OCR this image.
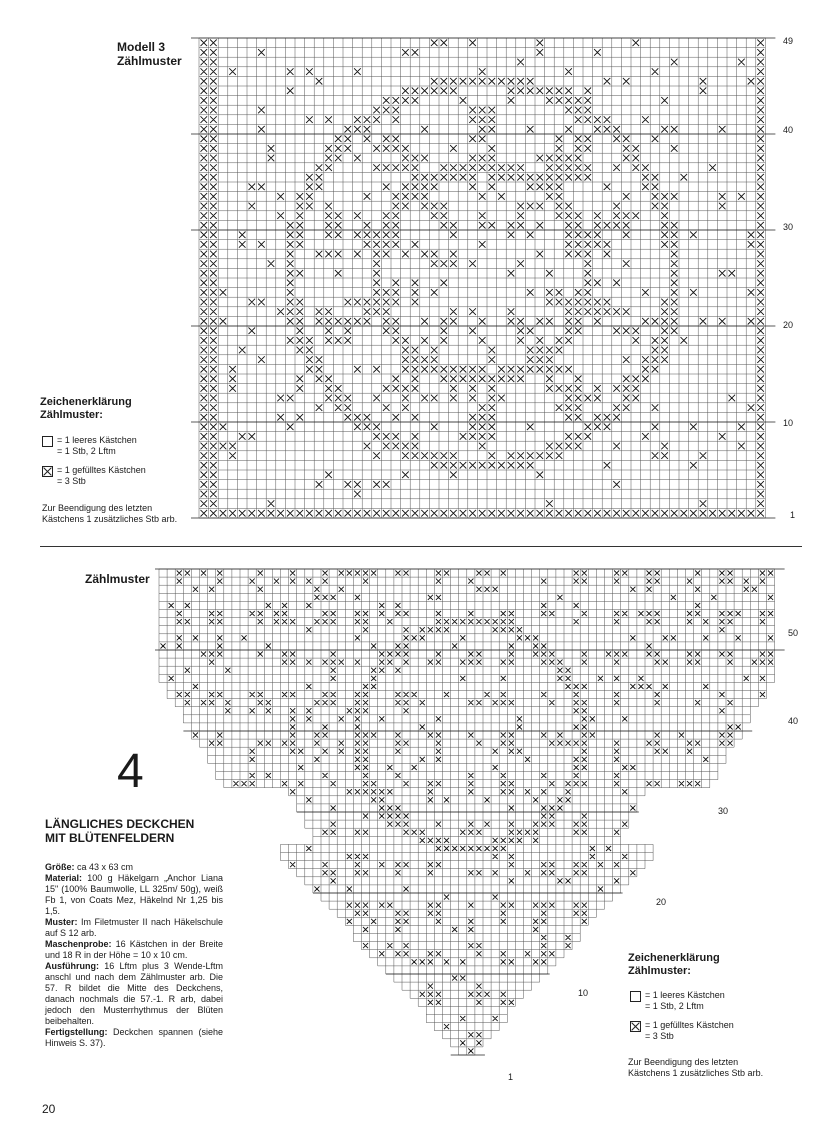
Modell 3
Zählmuster
49
40
30
20
10
1
Zeichenerklärung
Zählmuster:
= 1 leeres Kästchen
= 1 Stb, 2 Lftm
= 1 gefülltes Kästchen
= 3 Stb
Zur Beendigung des letzten
Kästchens 1 zusätzliches Stb arb.
Zählmuster
50
40
30
20
10
1
4
LÄNGLICHES DECKCHEN
MIT BLÜTENFELDERN

Größe: ca 43 x 63 cm

Material: 100 g Häkelgarn „Anchor Liana 15" (100% Baumwolle, LL 325m/ 50g), weiß Fb 1, von Coats Mez, Häkelnd Nr 1,25 bis 1,5.

Muster: Im Filetmuster II nach Häkelschule auf S 12 arb.

Maschenprobe: 16 Kästchen in der Breite und 18 R in der Höhe = 10 x 10 cm.

Ausführung: 16 Lftm plus 3 Wende-Lftm anschl und nach dem Zählmuster arb. Die 57. R bildet die Mitte des Deckchens, danach nochmals die 57.-1. R arb, dabei jedoch den Musterrhythmus der Blüten beibehalten.

Fertigstellung: Deckchen spannen (siehe Hinweis S. 37).

Zeichenerklärung
Zählmuster:
= 1 leeres Kästchen
= 1 Stb, 2 Lftm
= 1 gefülltes Kästchen
= 3 Stb
Zur Beendigung des letzten
Kästchens 1 zusätzliches Stb arb.
20
